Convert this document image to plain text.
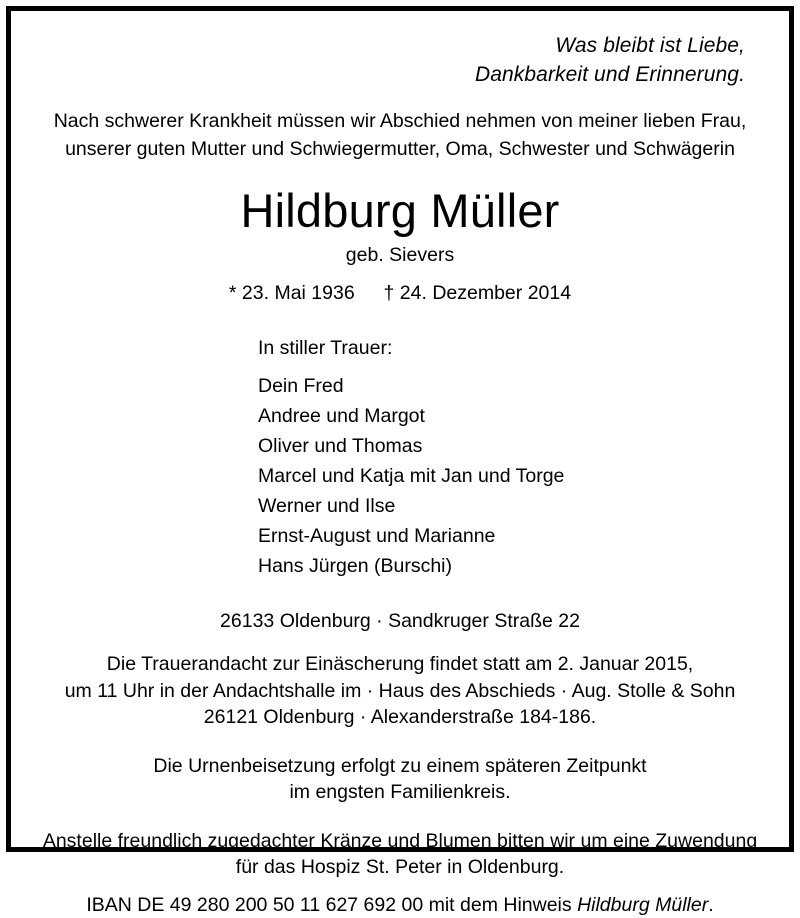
Was bleibt ist Liebe,
Dankbarkeit und Erinnerung.
Nach schwerer Krankheit müssen wir Abschied nehmen von meiner lieben Frau,
unserer guten Mutter und Schwiegermutter, Oma, Schwester und Schwägerin
Hildburg Müller
geb. Sievers
* 23. Mai 1936 † 24. Dezember 2014
In stiller Trauer:
Dein Fred
Andree und Margot
Oliver und Thomas
Marcel und Katja mit Jan und Torge
Werner und Ilse
Ernst-August und Marianne
Hans Jürgen (Burschi)
26133 Oldenburg · Sandkruger Straße 22
Die Trauerandacht zur Einäscherung findet statt am 2. Januar 2015,
um 11 Uhr in der Andachtshalle im · Haus des Abschieds · Aug. Stolle & Sohn
26121 Oldenburg · Alexanderstraße 184-186.
Die Urnenbeisetzung erfolgt zu einem späteren Zeitpunkt
im engsten Familienkreis.
Anstelle freundlich zugedachter Kränze und Blumen bitten wir um eine Zuwendung
für das Hospiz St. Peter in Oldenburg.
IBAN DE 49 280 200 50 11 627 692 00 mit dem Hinweis Hildburg Müller.
